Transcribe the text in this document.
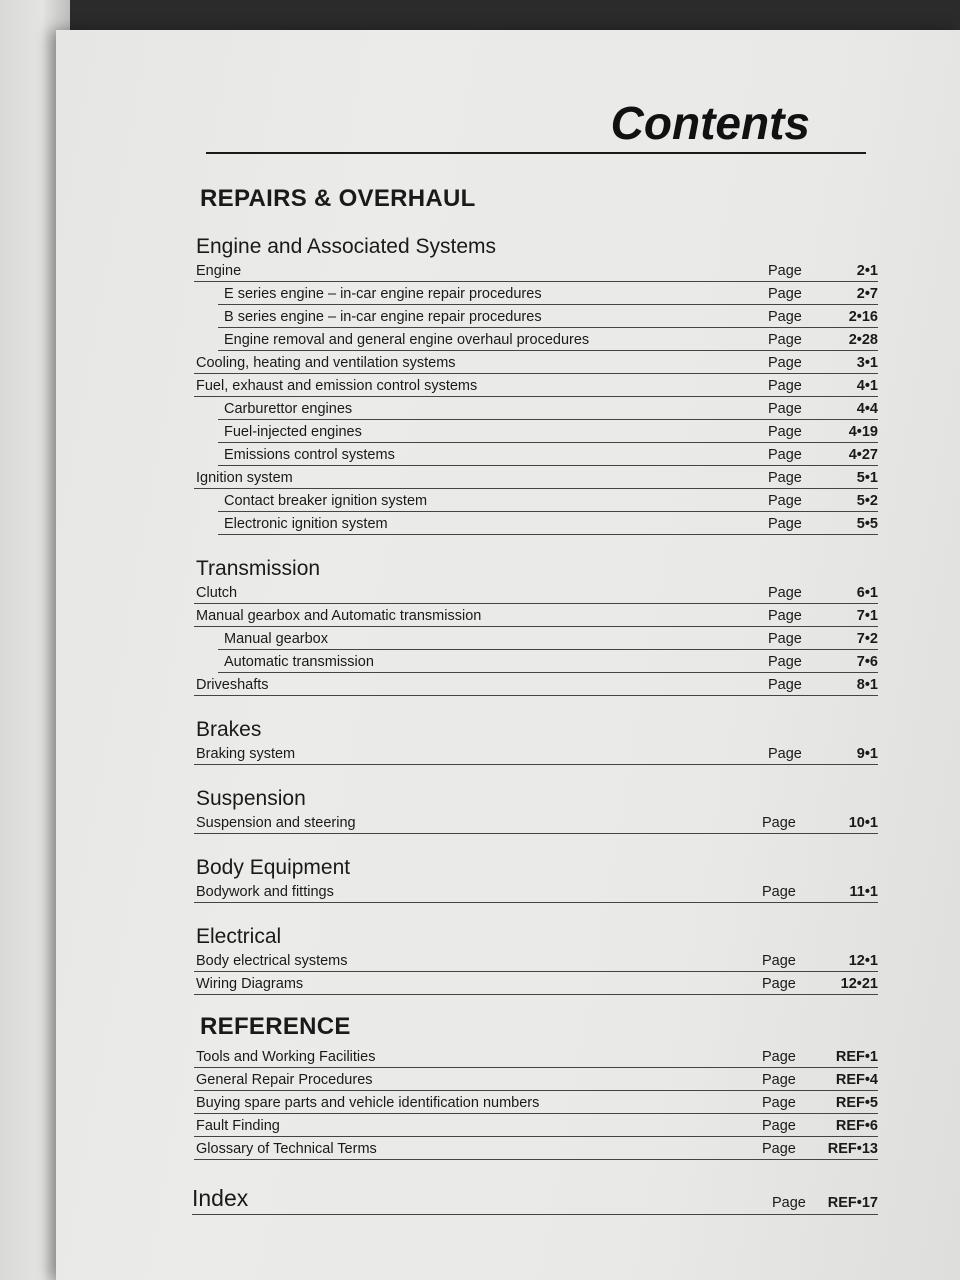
Contents
REPAIRS & OVERHAUL
Engine and Associated Systems
Engine	Page	2•1
E series engine – in-car engine repair procedures	Page	2•7
B series engine – in-car engine repair procedures	Page	2•16
Engine removal and general engine overhaul procedures	Page	2•28
Cooling, heating and ventilation systems	Page	3•1
Fuel, exhaust and emission control systems	Page	4•1
Carburettor engines	Page	4•4
Fuel-injected engines	Page	4•19
Emissions control systems	Page	4•27
Ignition system	Page	5•1
Contact breaker ignition system	Page	5•2
Electronic ignition system	Page	5•5
Transmission
Clutch	Page	6•1
Manual gearbox and Automatic transmission	Page	7•1
Manual gearbox	Page	7•2
Automatic transmission	Page	7•6
Driveshafts	Page	8•1
Brakes
Braking system	Page	9•1
Suspension
Suspension and steering	Page	10•1
Body Equipment
Bodywork and fittings	Page	11•1
Electrical
Body electrical systems	Page	12•1
Wiring Diagrams	Page	12•21
REFERENCE
Tools and Working Facilities	Page	REF•1
General Repair Procedures	Page	REF•4
Buying spare parts and vehicle identification numbers	Page	REF•5
Fault Finding	Page	REF•6
Glossary of Technical Terms	Page	REF•13
Index	Page	REF•17
